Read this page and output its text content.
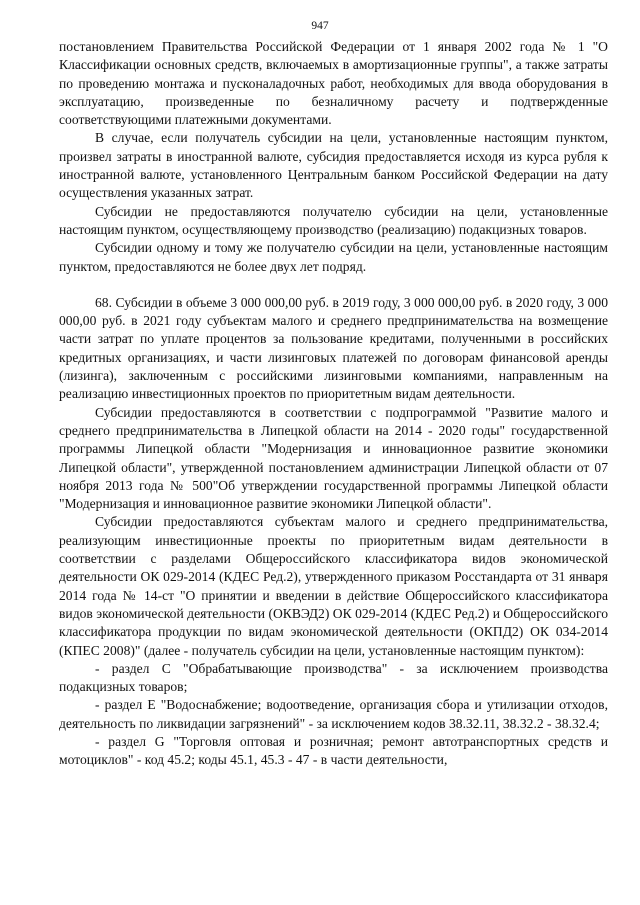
947

постановлением Правительства Российской Федерации от 1 января 2002 года № 1 "О Классификации основных средств, включаемых в амортизационные группы", а также затраты по проведению монтажа и пусконаладочных работ, необходимых для ввода оборудования в эксплуатацию, произведенные по безналичному расчету и подтвержденные соответствующими платежными документами.

В случае, если получатель субсидии на цели, установленные настоящим пунктом, произвел затраты в иностранной валюте, субсидия предоставляется исходя из курса рубля к иностранной валюте, установленного Центральным банком Российской Федерации на дату осуществления указанных затрат.

Субсидии не предоставляются получателю субсидии на цели, установленные настоящим пунктом, осуществляющему производство (реализацию) подакцизных товаров.

Субсидии одному и тому же получателю субсидии на цели, установленные настоящим пунктом, предоставляются не более двух лет подряд.

68. Субсидии в объеме 3 000 000,00 руб. в 2019 году, 3 000 000,00 руб. в 2020 году, 3 000 000,00 руб. в 2021 году субъектам малого и среднего предпринимательства на возмещение части затрат по уплате процентов за пользование кредитами, полученными в российских кредитных организациях, и части лизинговых платежей по договорам финансовой аренды (лизинга), заключенным с российскими лизинговыми компаниями, направленным на реализацию инвестиционных проектов по приоритетным видам деятельности.

Субсидии предоставляются в соответствии с подпрограммой "Развитие малого и среднего предпринимательства в Липецкой области на 2014 - 2020 годы" государственной программы Липецкой области "Модернизация и инновационное развитие экономики Липецкой области", утвержденной постановлением администрации Липецкой области от 07 ноября 2013 года № 500"Об утверждении государственной программы Липецкой области "Модернизация и инновационное развитие экономики Липецкой области".

Субсидии предоставляются субъектам малого и среднего предпринимательства, реализующим инвестиционные проекты по приоритетным видам деятельности в соответствии с разделами Общероссийского классификатора видов экономической деятельности ОК 029-2014 (КДЕС Ред.2), утвержденного приказом Росстандарта от 31 января 2014 года № 14-ст "О принятии и введении в действие Общероссийского классификатора видов экономической деятельности (ОКВЭД2) ОК 029-2014 (КДЕС Ред.2) и Общероссийского классификатора продукции по видам экономической деятельности (ОКПД2) ОК 034-2014 (КПЕС 2008)" (далее - получатель субсидии на цели, установленные настоящим пунктом):

- раздел С "Обрабатывающие производства" - за исключением производства подакцизных товаров;

- раздел Е "Водоснабжение; водоотведение, организация сбора и утилизации отходов, деятельность по ликвидации загрязнений" - за исключением кодов 38.32.11, 38.32.2 - 38.32.4;

- раздел G "Торговля оптовая и розничная; ремонт автотранспортных средств и мотоциклов" - код 45.2; коды 45.1, 45.3 - 47 - в части деятельности,
